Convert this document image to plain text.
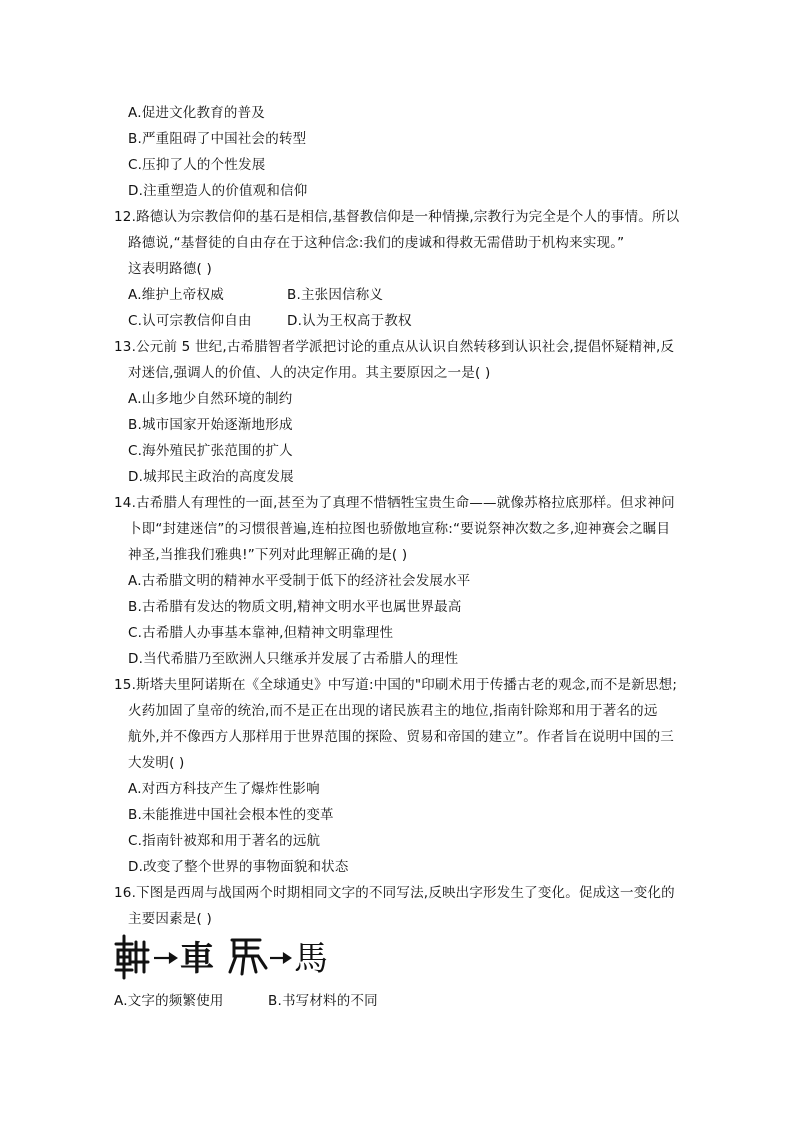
A.促进文化教育的普及
B.严重阻碍了中国社会的转型
C.压抑了人的个性发展
D.注重塑造人的价值观和信仰
12.路德认为宗教信仰的基石是相信,基督教信仰是一种情操,宗教行为完全是个人的事情。所以
路德说,“基督徒的自由存在于这种信念:我们的虔诚和得救无需借助于机构来实现。”
这表明路德( )
A.维护上帝权威	B.主张因信称义
C.认可宗教信仰自由	D.认为王权高于教权
13.公元前 5 世纪,古希腊智者学派把讨论的重点从认识自然转移到认识社会,提倡怀疑精神,反
对迷信,强调人的价值、人的决定作用。其主要原因之一是( )
A.山多地少自然环境的制约
B.城市国家开始逐渐地形成
C.海外殖民扩张范围的扩人
D.城邦民主政治的高度发展
14.古希腊人有理性的一面,甚至为了真理不惜牺牲宝贵生命——就像苏格拉底那样。但求神问
卜即“封建迷信”的习惯很普遍,连柏拉图也骄傲地宣称:“要说祭神次数之多,迎神赛会之瞩目
神圣,当推我们雅典!”下列对此理解正确的是( )
A.古希腊文明的精神水平受制于低下的经济社会发展水平
B.古希腊有发达的物质文明,精神文明水平也属世界最高
C.古希腊人办事基本靠神,但精神文明靠理性
D.当代希腊乃至欧洲人只继承并发展了古希腊人的理性
15.斯塔夫里阿诺斯在《全球通史》中写道:中国的"印刷术用于传播古老的观念,而不是新思想;
火药加固了皇帝的统治,而不是正在出现的诸民族君主的地位,指南针除郑和用于著名的远
航外,并不像西方人那样用于世界范围的探险、贸易和帝国的建立”。作者旨在说明中国的三
大发明( )
A.对西方科技产生了爆炸性影响
B.未能推进中国社会根本性的变革
C.指南针被郑和用于著名的远航
D.改变了整个世界的事物面貌和状态
16.下图是西周与战国两个时期相同文字的不同写法,反映出字形发生了变化。促成这一变化的
主要因素是( )
車 馬
A.文字的频繁使用	B.书写材料的不同
